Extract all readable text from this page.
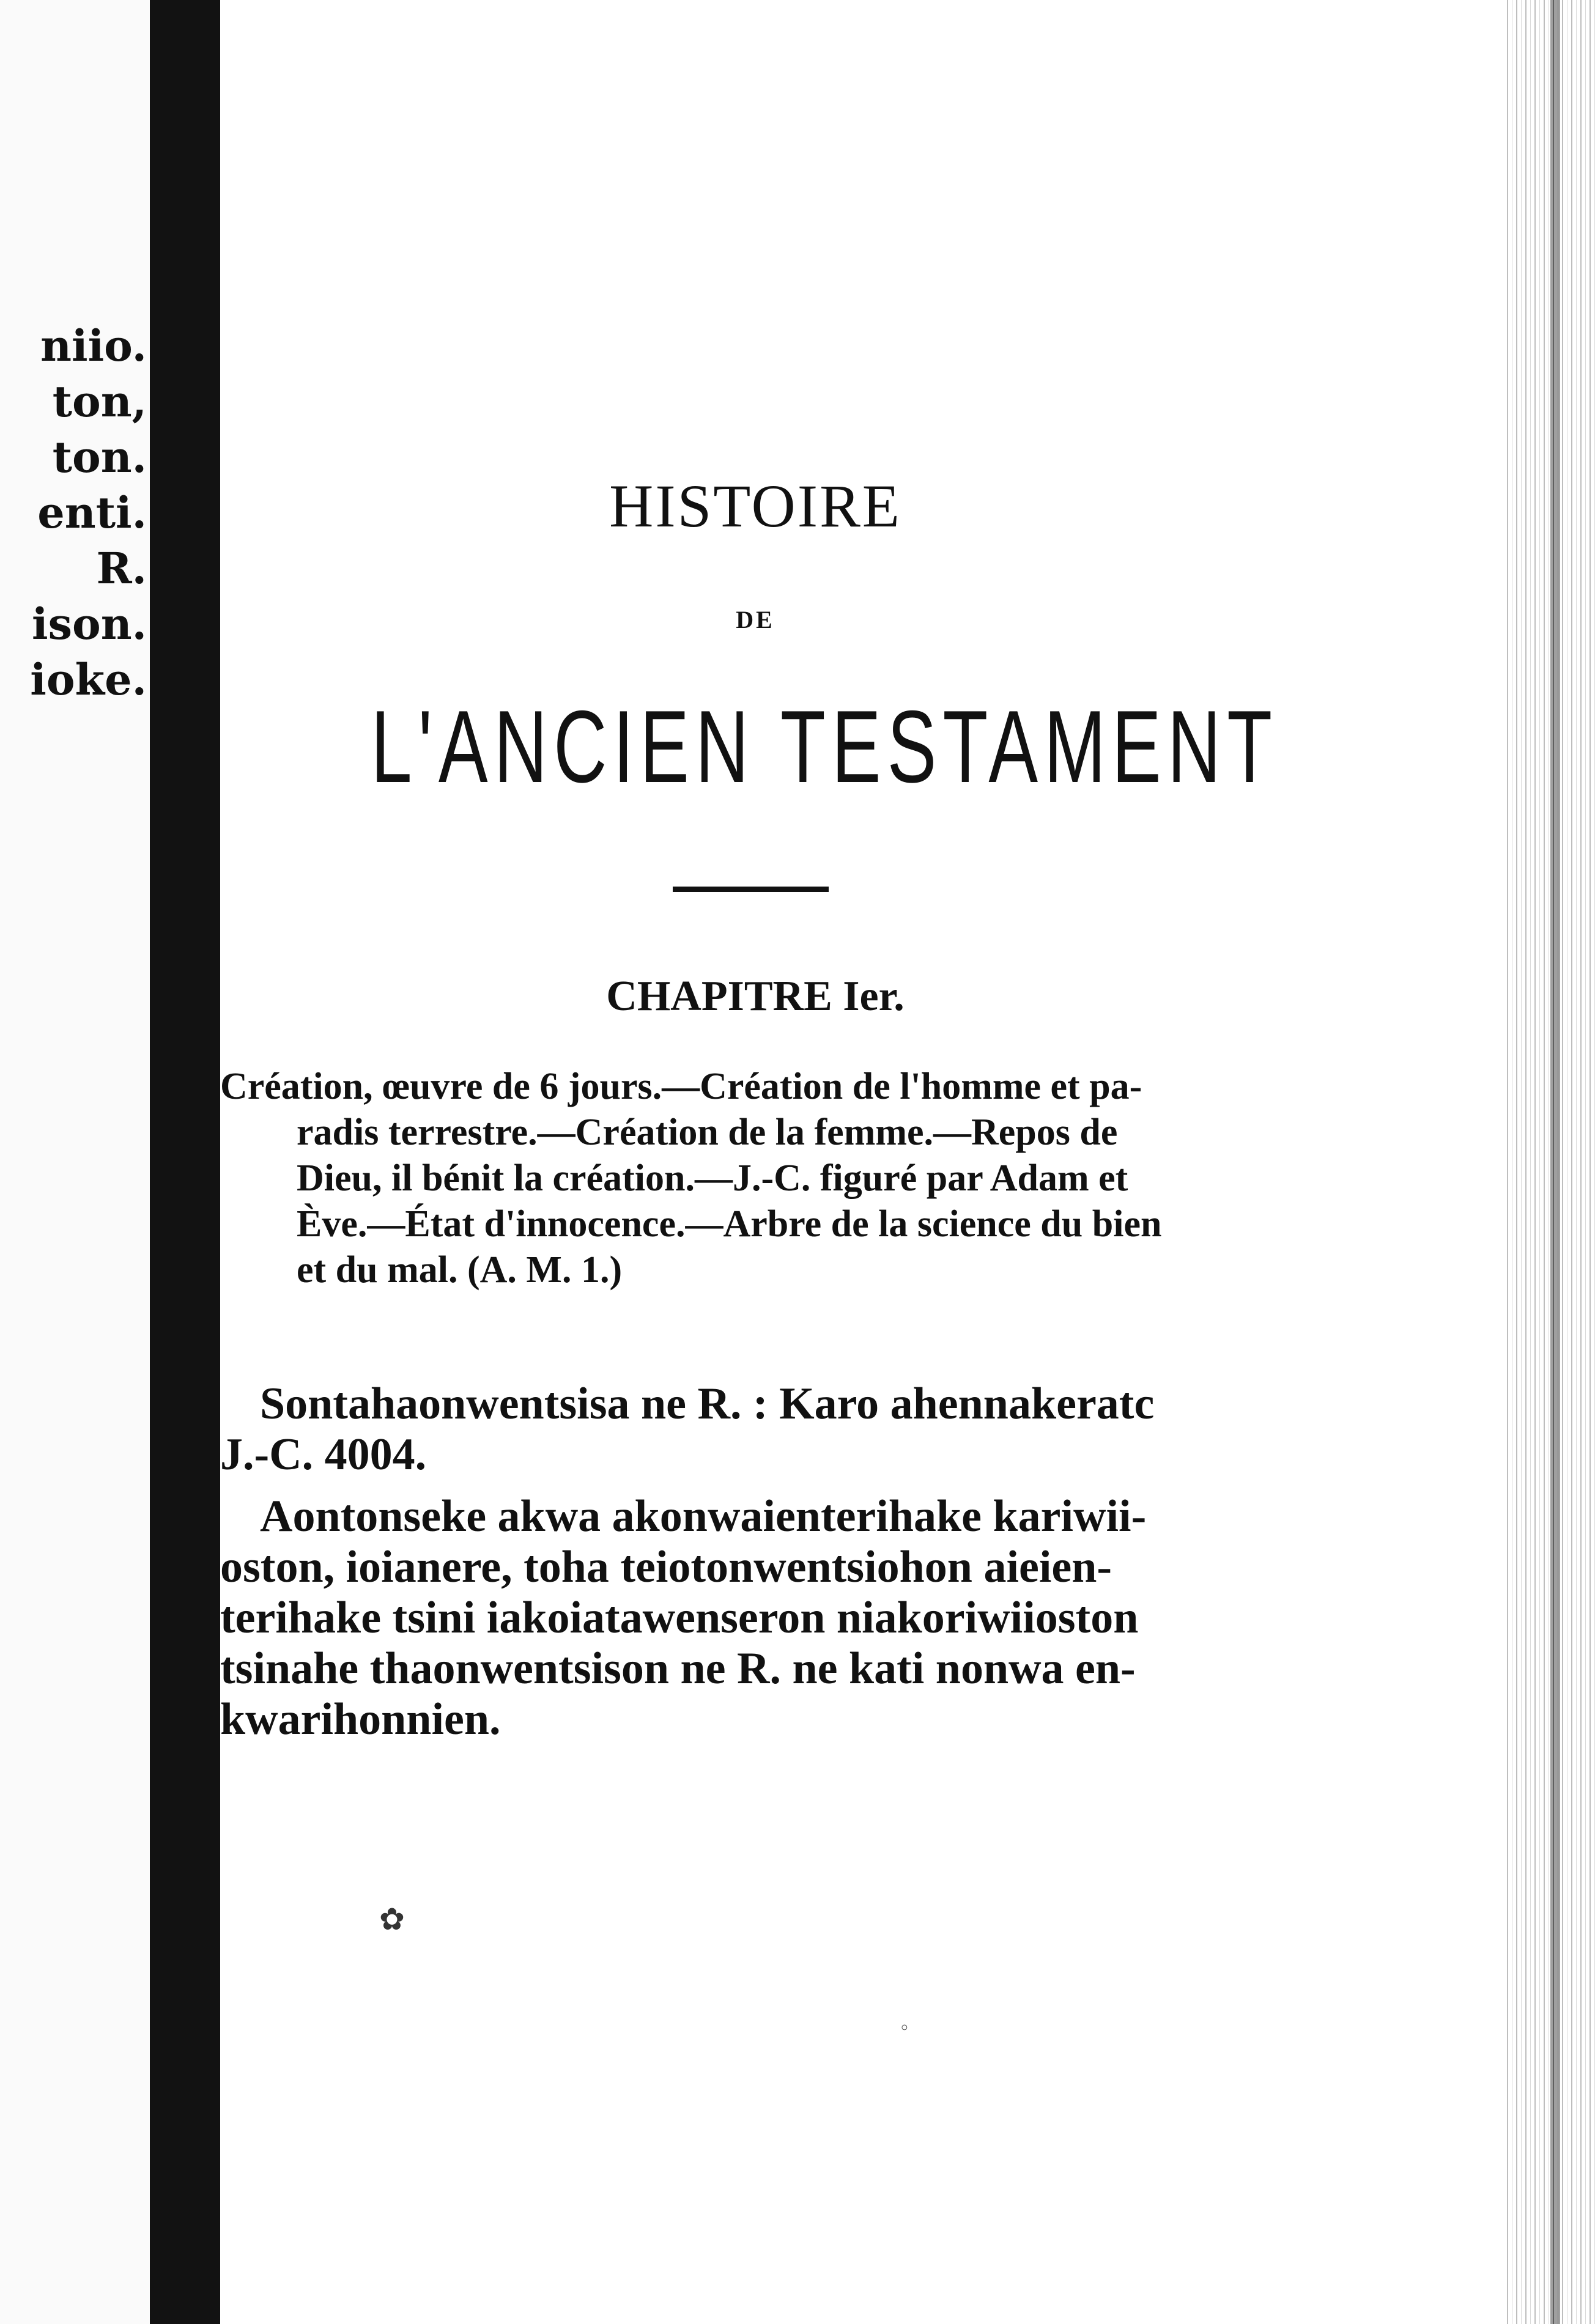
niio.
ton,
ton.
enti.
R.
ison.
ioke.
HISTOIRE
DE
L'ANCIEN TESTAMENT
CHAPITRE Ier.
Création, œuvre de 6 jours.—Création de l'homme et pa-
radis terrestre.—Création de la femme.—Repos de
Dieu, il bénit la création.—J.-C. figuré par Adam et
Ève.—État d'innocence.—Arbre de la science du bien
et du mal. (A. M. 1.)
Sontahaonwentsisa ne R. : Karo ahennakeratc
J.-C. 4004.
Aontonseke akwa akonwaienterihake kariwii-
oston, ioianere, toha teiotonwentsiohon aieien-
terihake tsini iakoiatawenseron niakoriwiioston
tsinahe thaonwentsison ne R. ne kati nonwa en-
kwarihonnien.
✿
◦
